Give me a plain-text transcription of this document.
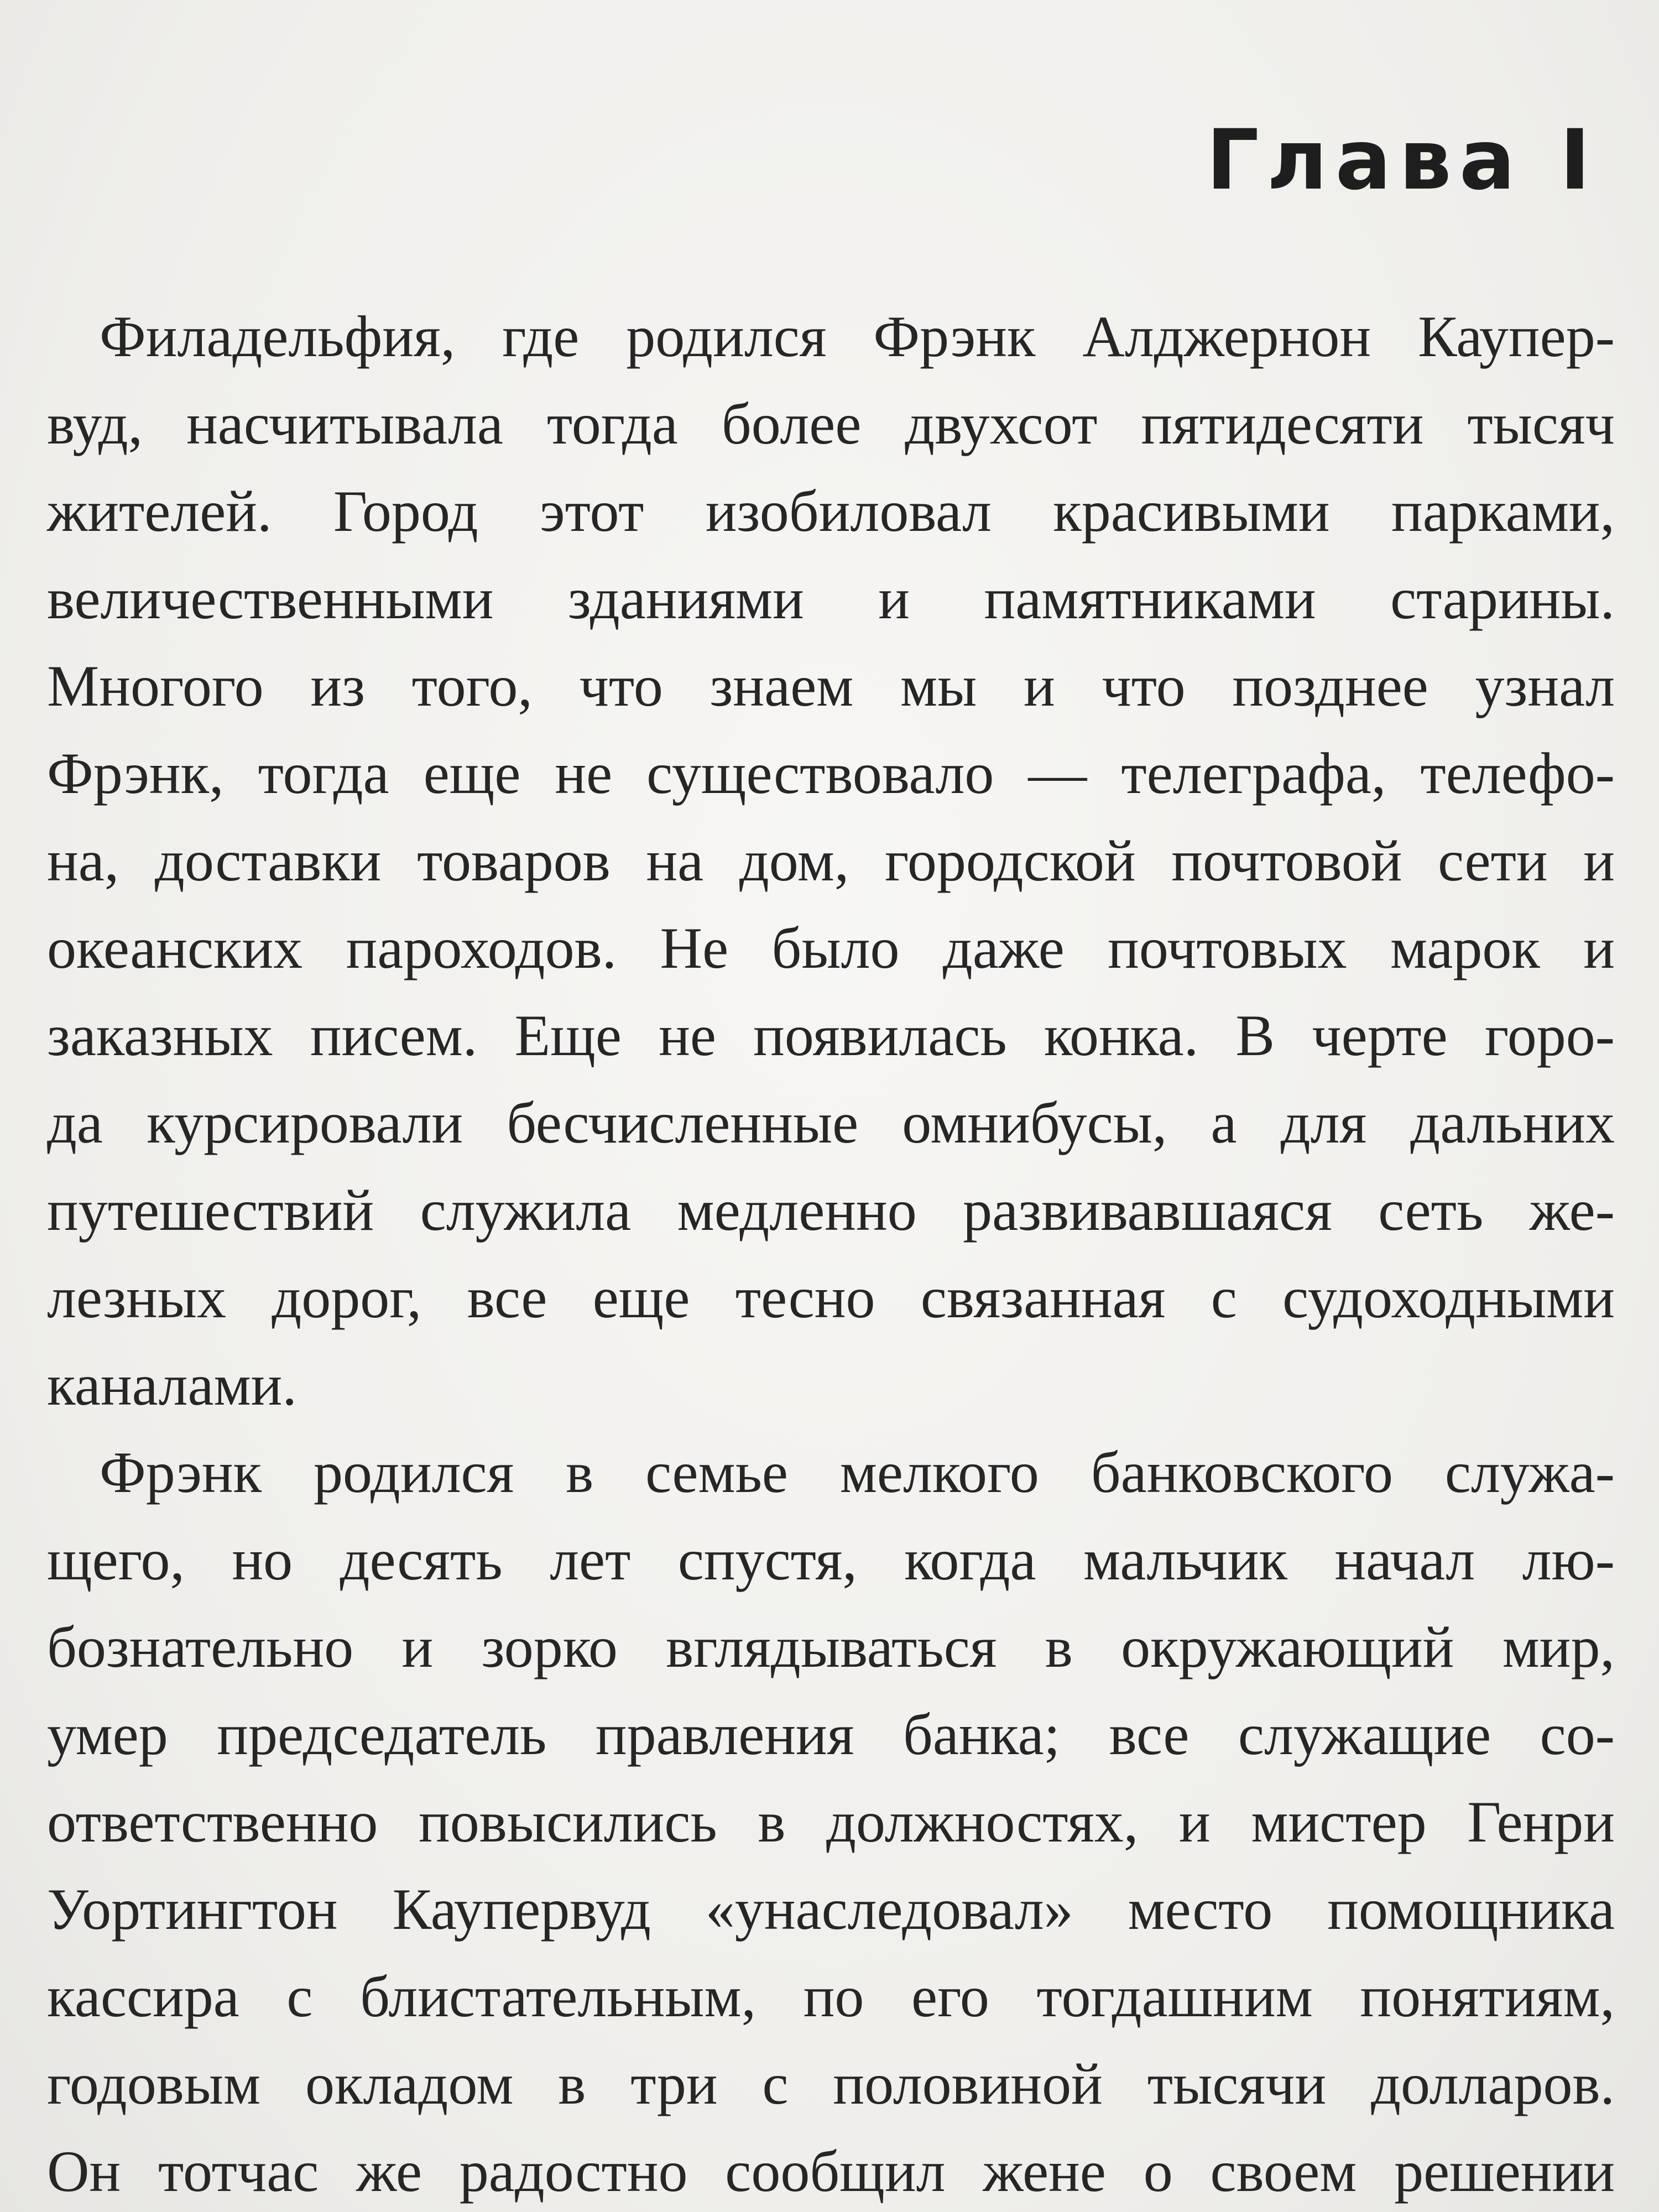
Глава I
Филадельфия, где родился Фрэнк Алджернон Каупер-
вуд, насчитывала тогда более двухсот пятидесяти тысяч
жителей. Город этот изобиловал красивыми парками,
величественными зданиями и памятниками старины.
Многого из того, что знаем мы и что позднее узнал
Фрэнк, тогда еще не существовало — телеграфа, телефо-
на, доставки товаров на дом, городской почтовой сети и
океанских пароходов. Не было даже почтовых марок и
заказных писем. Еще не появилась конка. В черте горо-
да курсировали бесчисленные омнибусы, а для дальних
путешествий служила медленно развивавшаяся сеть же-
лезных дорог, все еще тесно связанная с судоходными
каналами.
Фрэнк родился в семье мелкого банковского служа-
щего, но десять лет спустя, когда мальчик начал лю-
бознательно и зорко вглядываться в окружающий мир,
умер председатель правления банка; все служащие со-
ответственно повысились в должностях, и мистер Генри
Уортингтон Каупервуд «унаследовал» место помощника
кассира с блистательным, по его тогдашним понятиям,
годовым окладом в три с половиной тысячи долларов.
Он тотчас же радостно сообщил жене о своем решении
